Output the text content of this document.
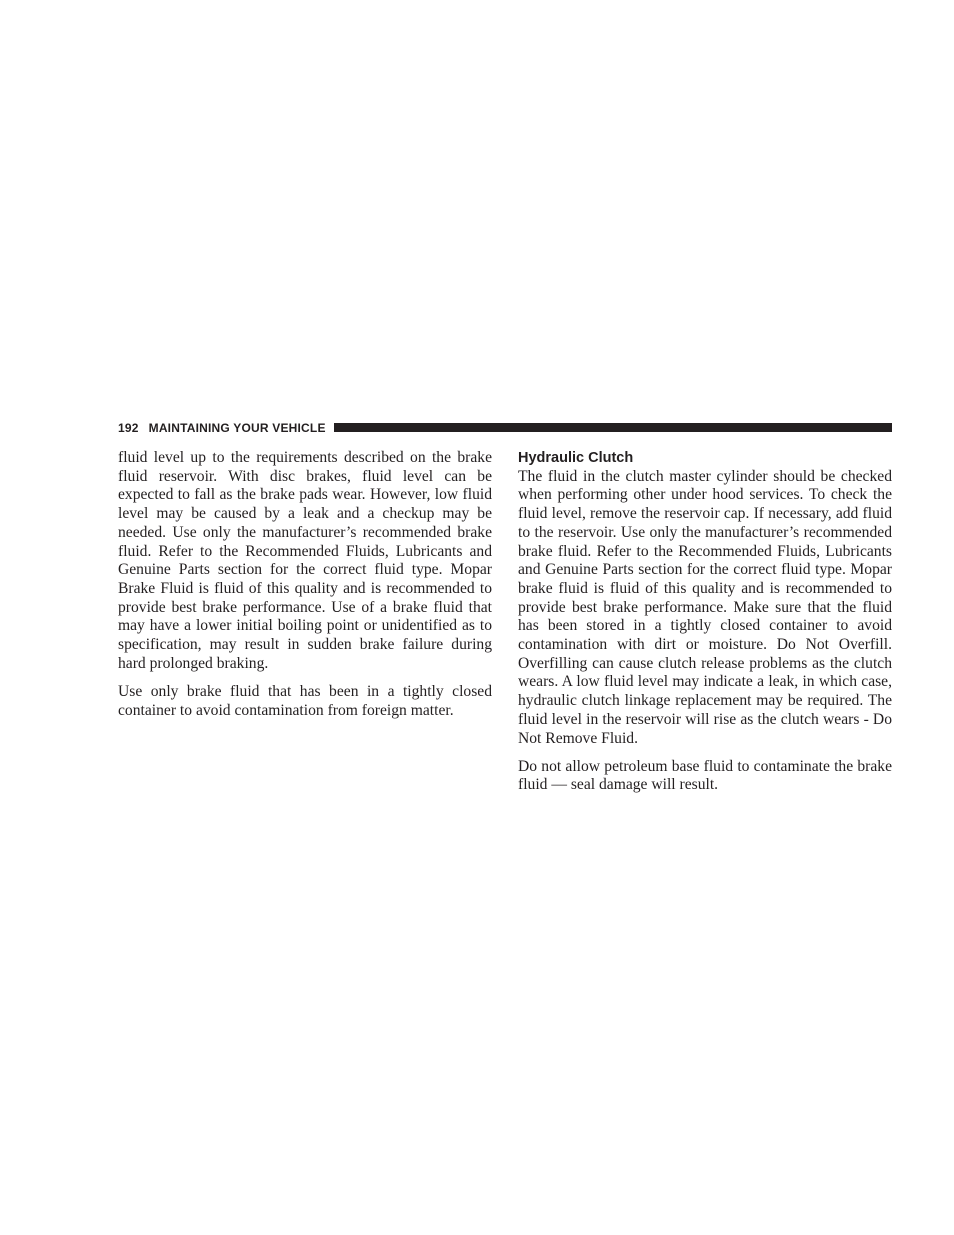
192 MAINTAINING YOUR VEHICLE

fluid level up to the requirements described on the brake fluid reservoir. With disc brakes, fluid level can be expected to fall as the brake pads wear. However, low fluid level may be caused by a leak and a checkup may be needed. Use only the manufacturer’s recommended brake fluid. Refer to the Recommended Fluids, Lubricants and Genuine Parts section for the correct fluid type. Mopar Brake Fluid is fluid of this quality and is recommended to provide best brake performance. Use of a brake fluid that may have a lower initial boiling point or unidentified as to specification, may result in sudden brake failure during hard prolonged braking.

Use only brake fluid that has been in a tightly closed container to avoid contamination from foreign matter.

Hydraulic Clutch

The fluid in the clutch master cylinder should be checked when performing other under hood services. To check the fluid level, remove the reservoir cap. If necessary, add fluid to the reservoir. Use only the manufacturer’s recommended brake fluid. Refer to the Recommended Fluids, Lubricants and Genuine Parts section for the correct fluid type. Mopar brake fluid is fluid of this quality and is recommended to provide best brake performance. Make sure that the fluid has been stored in a tightly closed container to avoid contamination with dirt or moisture. Do Not Overfill. Overfilling can cause clutch release problems as the clutch wears. A low fluid level may indicate a leak, in which case, hydraulic clutch linkage replacement may be required. The fluid level in the reservoir will rise as the clutch wears - Do Not Remove Fluid.

Do not allow petroleum base fluid to contaminate the brake fluid — seal damage will result.
